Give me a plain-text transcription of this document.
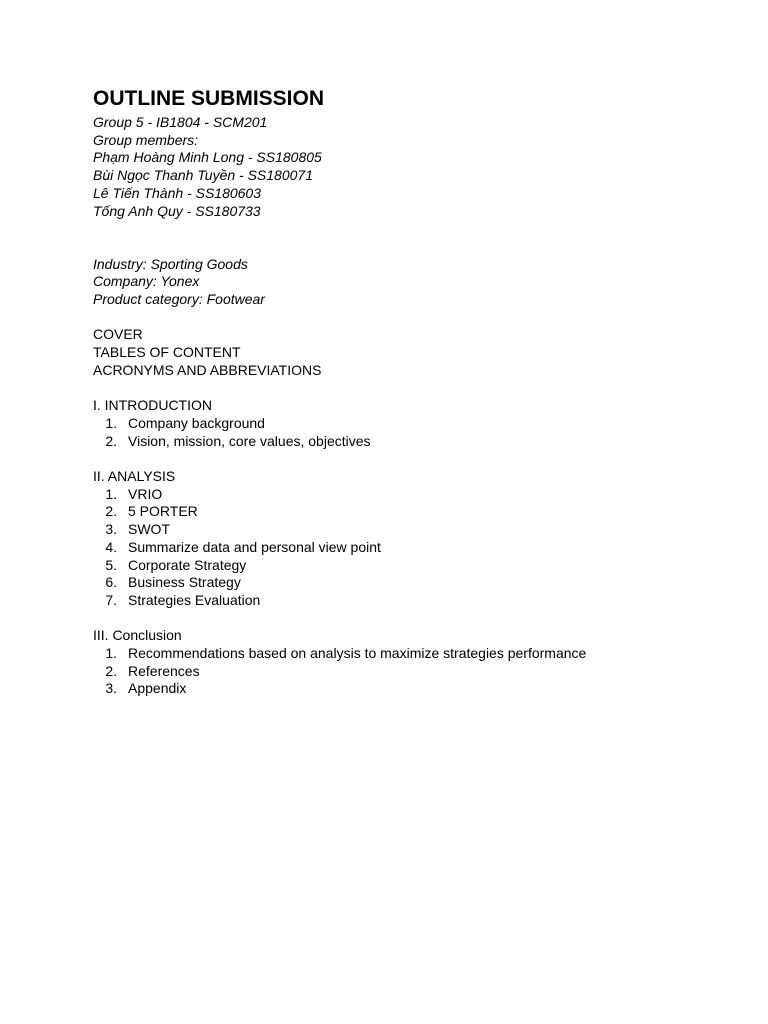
OUTLINE SUBMISSION
Group 5 - IB1804 - SCM201
Group members:
Phạm Hoàng Minh Long - SS180805
Bùi Ngọc Thanh Tuyền - SS180071
Lê Tiến Thành - SS180603
Tống Anh Quy - SS180733
Industry: Sporting Goods
Company: Yonex
Product category: Footwear
COVER
TABLES OF CONTENT
ACRONYMS AND ABBREVIATIONS
I. INTRODUCTION
1. Company background
2. Vision, mission, core values, objectives
II. ANALYSIS
1. VRIO
2. 5 PORTER
3. SWOT
4. Summarize data and personal view point
5. Corporate Strategy
6. Business Strategy
7. Strategies Evaluation
III. Conclusion
1. Recommendations based on analysis to maximize strategies performance
2. References
3. Appendix
